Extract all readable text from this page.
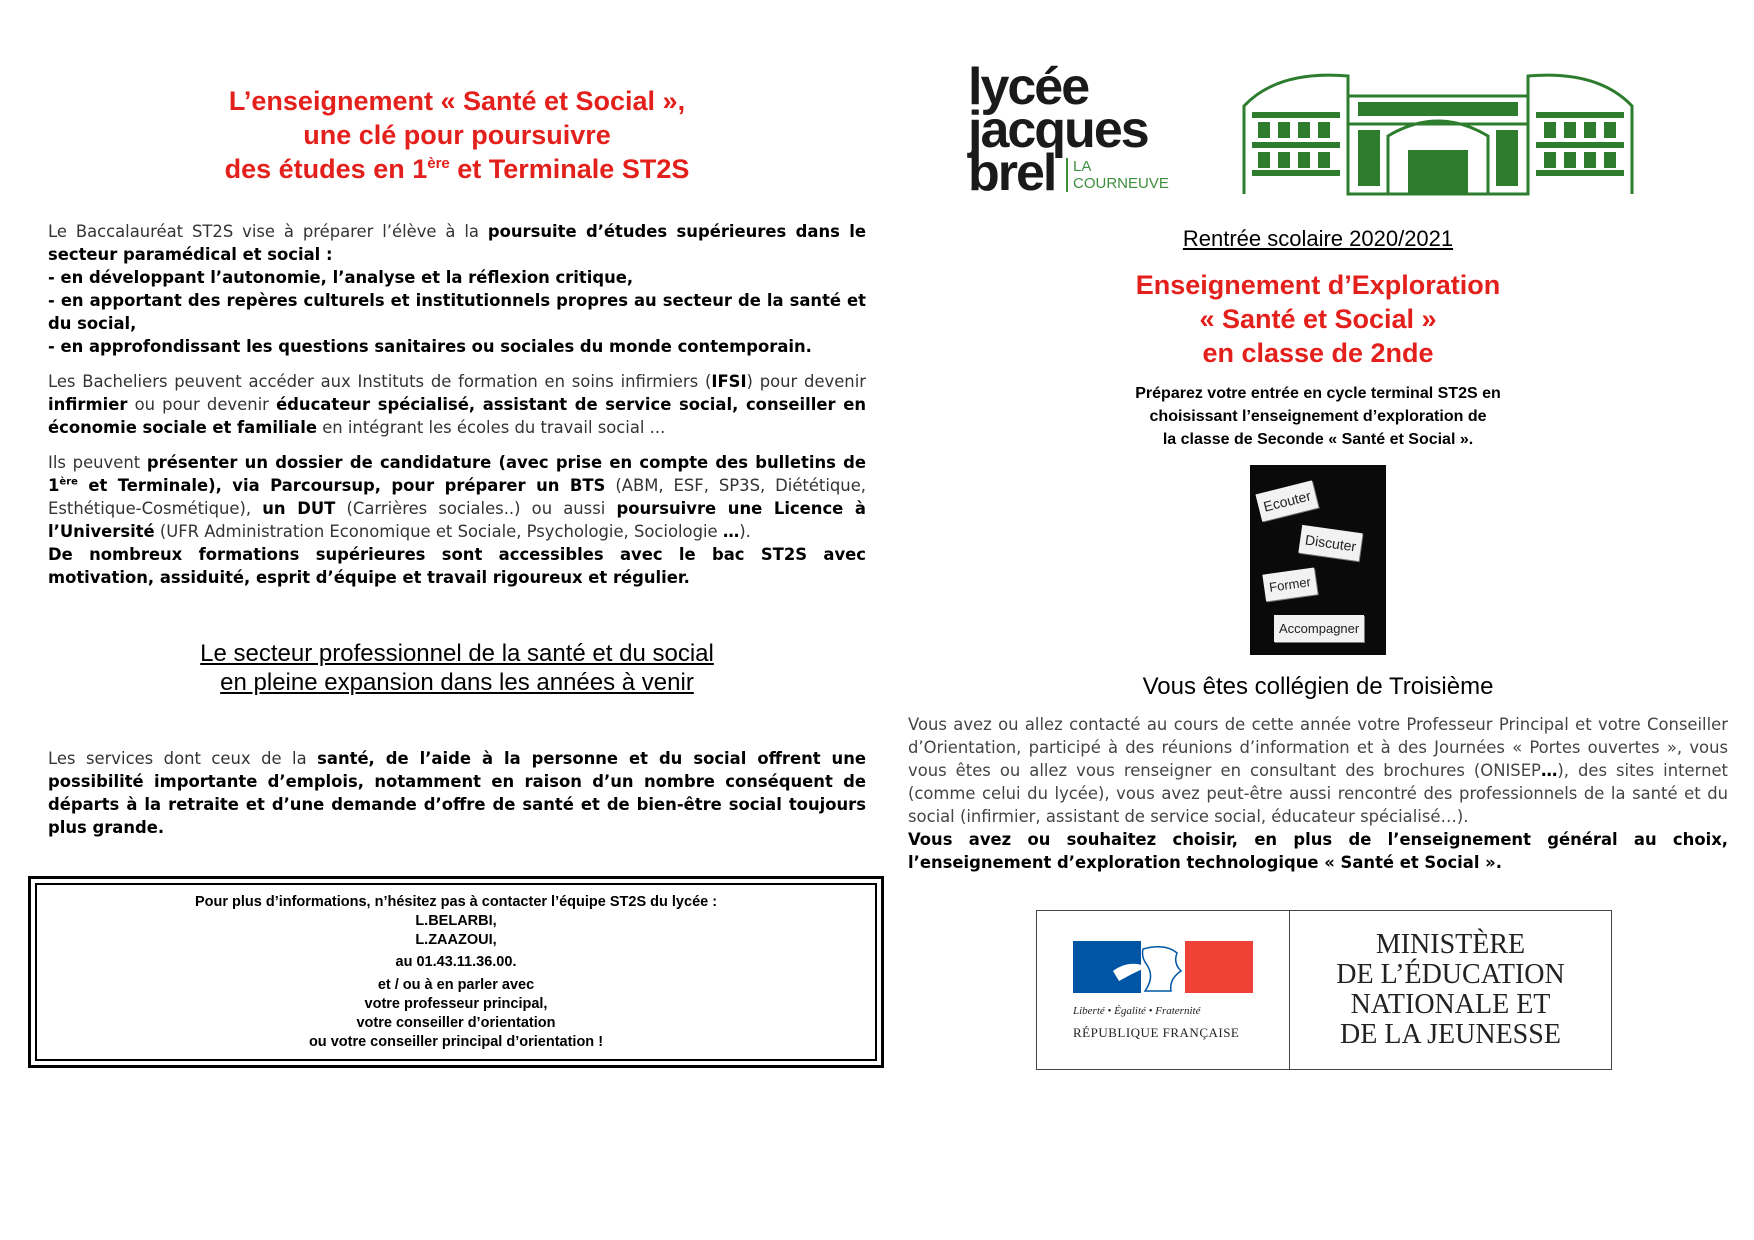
L’enseignement « Santé et Social »,
une clé pour poursuivre
des études en 1ère et Terminale ST2S

Le Baccalauréat ST2S vise à préparer l’élève à la poursuite d’études supérieures dans le secteur paramédical et social :
- en développant l’autonomie, l’analyse et la réflexion critique,
- en apportant des repères culturels et institutionnels propres au secteur de la santé et du social,
- en approfondissant les questions sanitaires ou sociales du monde contemporain.

Les Bacheliers peuvent accéder aux Instituts de formation en soins infirmiers (IFSI) pour devenir infirmier ou pour devenir éducateur spécialisé, assistant de service social, conseiller en économie sociale et familiale en intégrant les écoles du travail social ...

Ils peuvent présenter un dossier de candidature (avec prise en compte des bulletins de 1ère et Terminale), via Parcoursup, pour préparer un BTS (ABM, ESF, SP3S, Diététique, Esthétique-Cosmétique), un DUT (Carrières sociales..) ou aussi poursuivre une Licence à l’Université (UFR Administration Economique et Sociale, Psychologie, Sociologie …).
De nombreux formations supérieures sont accessibles avec le bac ST2S avec motivation, assiduité, esprit d’équipe et travail rigoureux et régulier.

Le secteur professionnel de la santé et du social
en pleine expansion dans les années à venir

Les services dont ceux de la santé, de l’aide à la personne et du social offrent une possibilité importante d’emplois, notamment en raison d’un nombre conséquent de départs à la retraite et d’une demande d’offre de santé et de bien-être social toujours plus grande.

Pour plus d’informations, n’hésitez pas à contacter l’équipe ST2S du lycée :
L.BELARBI,
L.ZAAZOUI,
au 01.43.11.36.00.
et / ou à en parler avec
votre professeur principal,
votre conseiller d’orientation
ou votre conseiller principal d’orientation !
lycée
jacques
brel	LA
COURNEUVE
Rentrée scolaire 2020/2021
Enseignement d’Exploration
« Santé et Social »
en classe de 2nde
Préparez votre entrée en cycle terminal ST2S en
choisissant l’enseignement d’exploration de
la classe de Seconde « Santé et Social ».
Ecouter
Discuter
Former
Accompagner
Vous êtes collégien de Troisième
Vous avez ou allez contacté au cours de cette année votre Professeur Principal et votre Conseiller d’Orientation, participé à des réunions d’information et à des Journées « Portes ouvertes », vous vous êtes ou allez vous renseigner en consultant des brochures (ONISEP…), des sites internet (comme celui du lycée), vous avez peut-être aussi rencontré des professionnels de la santé et du social (infirmier, assistant de service social, éducateur spécialisé…).
Vous avez ou souhaitez choisir, en plus de l’enseignement général au choix, l’enseignement d’exploration technologique « Santé et Social ».
Liberté • Égalité • Fraternité
RÉPUBLIQUE FRANÇAISE
MINISTÈRE
DE L’ÉDUCATION
NATIONALE ET
DE LA JEUNESSE
